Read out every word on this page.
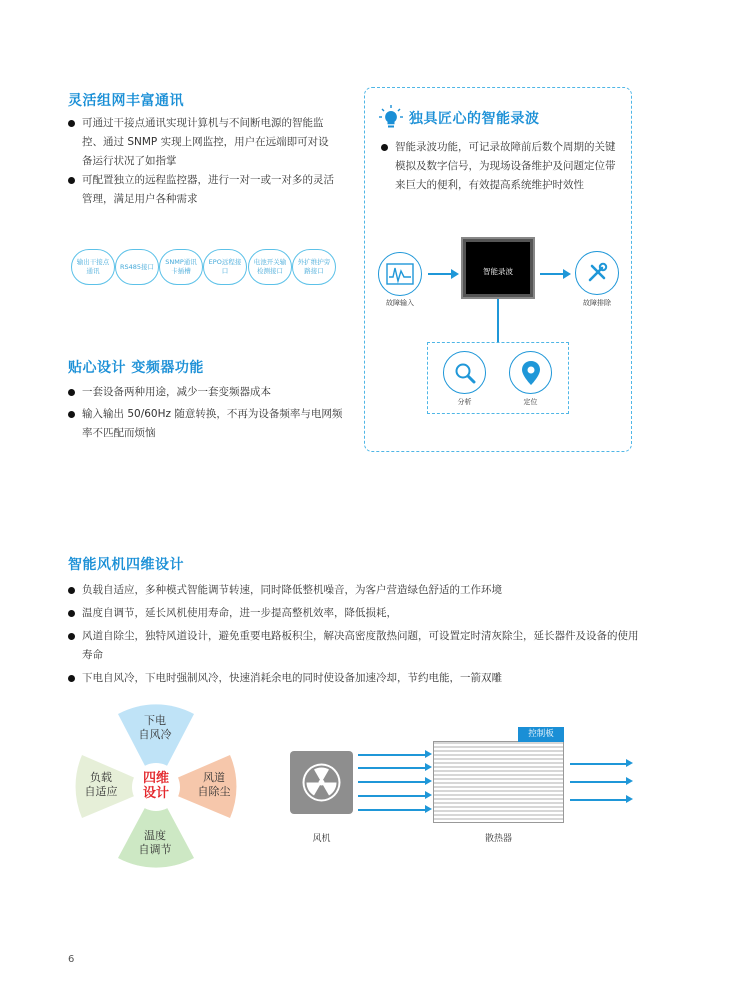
灵活组网丰富通讯
可通过干接点通讯实现计算机与不间断电源的智能监控、通过 SNMP 实现上网监控，用户在远端即可对设备运行状况了如指掌
可配置独立的远程监控器，进行一对一或一对多的灵活管理，满足用户各种需求
输出干接点通讯
RS485接口
SNMP通讯卡插槽
EPO远程接口
电池开关输检测接口
外扩维护旁路接口
独具匠心的智能录波
智能录波功能，可记录故障前后数个周期的关键模拟及数字信号，为现场设备维护及问题定位带来巨大的便利，有效提高系统维护时效性
故障输入
智能录波
故障排除
分析	定位
贴心设计 变频器功能
一套设备两种用途，减少一套变频器成本
输入输出 50/60Hz 随意转换，不再为设备频率与电网频率不匹配而烦恼
智能风机四维设计
负载自适应，多种模式智能调节转速，同时降低整机噪音，为客户营造绿色舒适的工作环境
温度自调节，延长风机使用寿命，进一步提高整机效率，降低损耗，
风道自除尘，独特风道设计，避免重要电路板积尘，解决高密度散热问题，可设置定时清灰除尘，延长器件及设备的使用寿命
下电自风冷，下电时强制风冷，快速消耗余电的同时使设备加速冷却，节约电能，一箭双雕
下电
自风冷
负载
自适应
风道
自除尘
温度
自调节
四维
设计
风机
控制板
散热器
6
